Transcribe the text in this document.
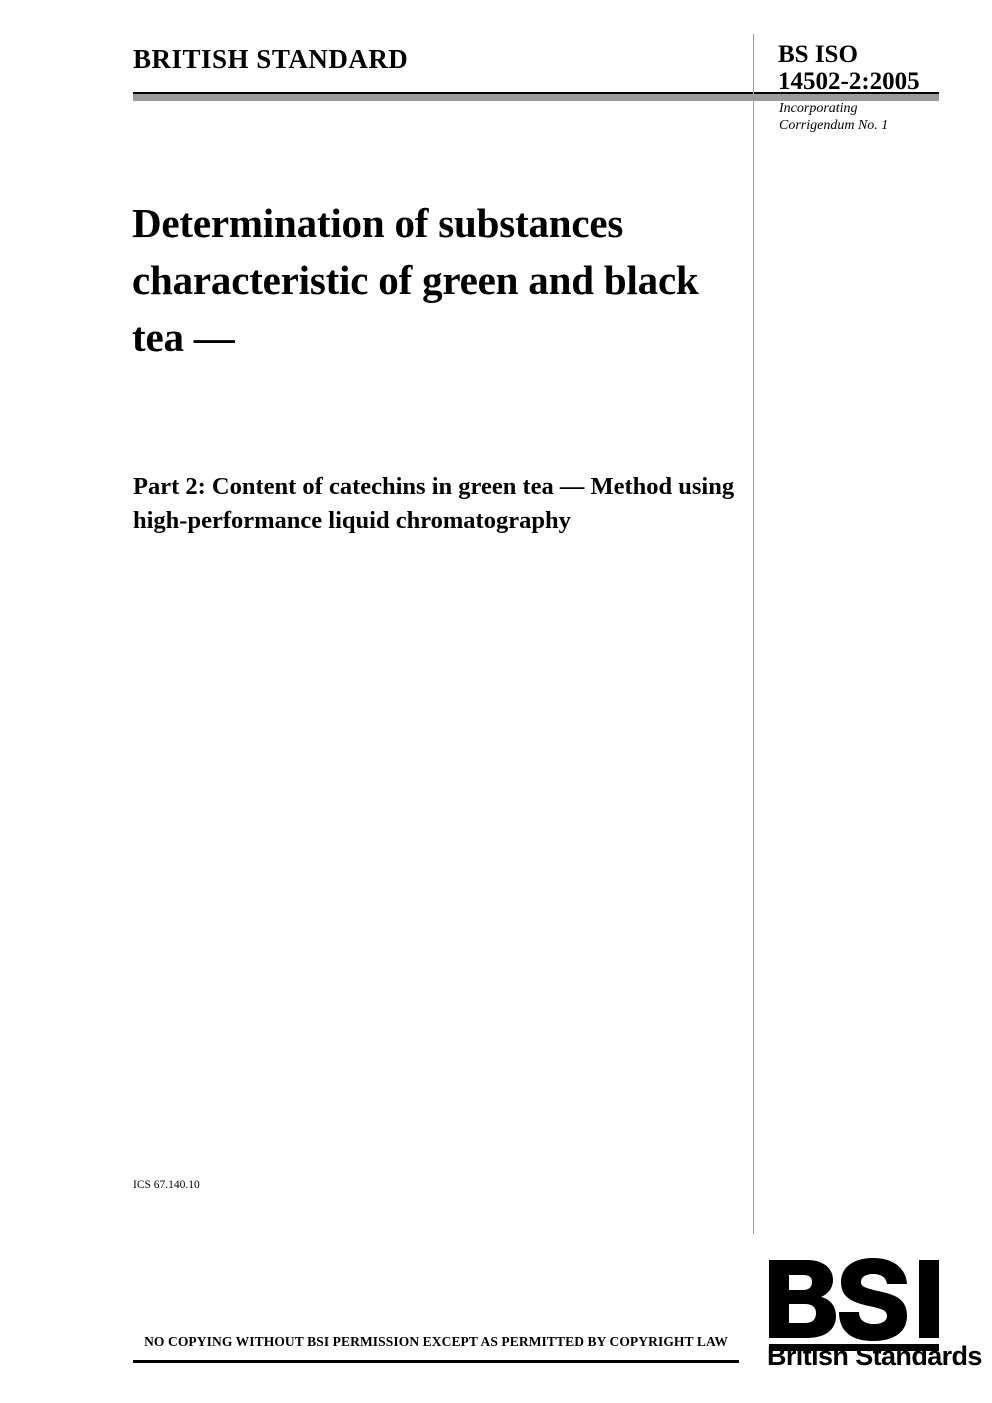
BRITISH STANDARD	BS ISO
14502-2:2005
Incorporating
Corrigendum No. 1
Determination of substances characteristic of green and black tea —
Part 2: Content of catechins in green tea — Method using high-performance liquid chromatography
ICS 67.140.10
NO COPYING WITHOUT BSI PERMISSION EXCEPT AS PERMITTED BY COPYRIGHT LAW	British Standards
